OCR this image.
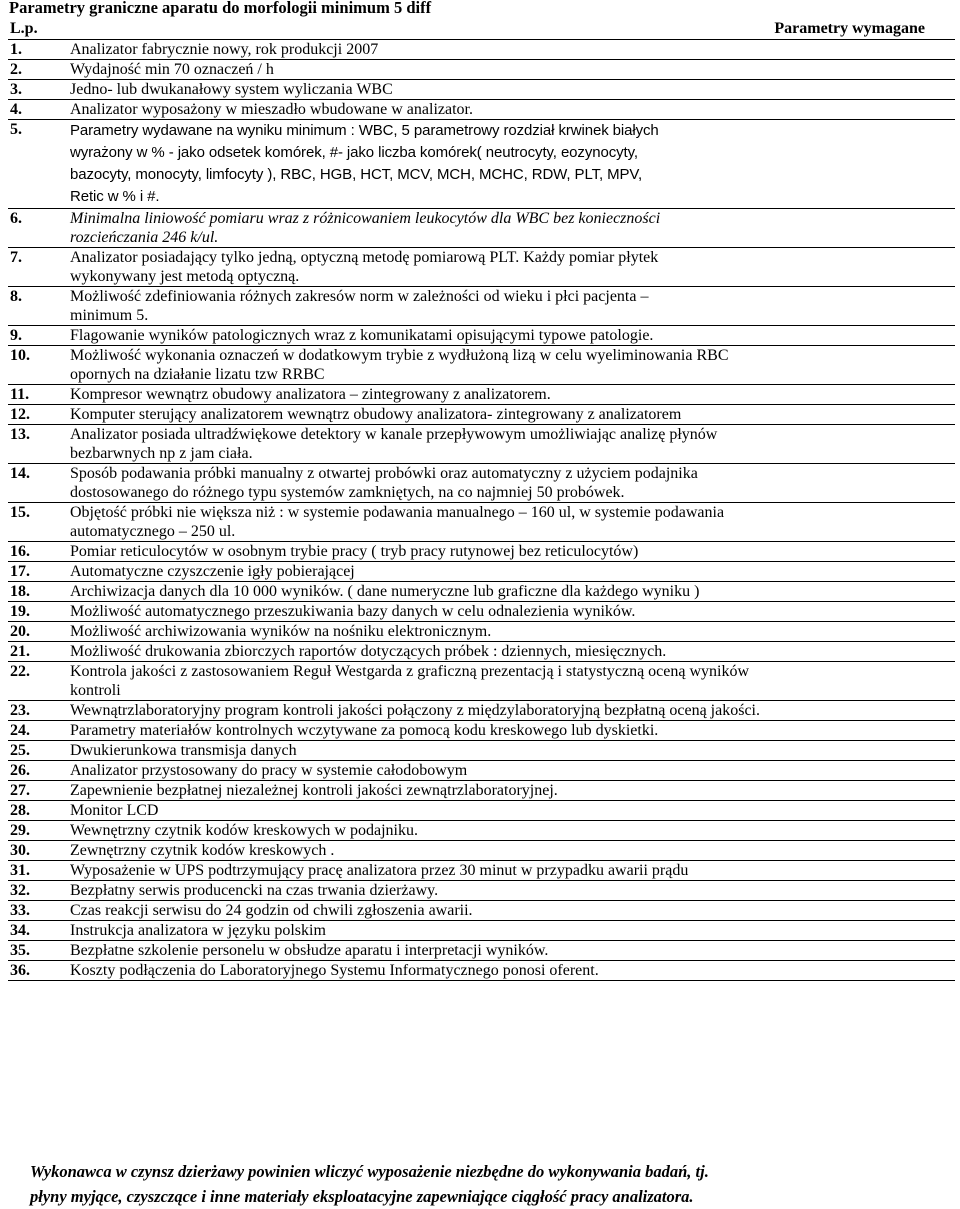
Parametry graniczne aparatu do morfologii minimum 5 diff
L.p.	Parametry wymagane
1.	Analizator fabrycznie nowy, rok produkcji 2007
2.	Wydajność min 70 oznaczeń / h
3.	Jedno- lub dwukanałowy system wyliczania WBC
4.	Analizator wyposażony w mieszadło wbudowane w analizator.
5.	Parametry wydawane na wyniku minimum : WBC, 5 parametrowy rozdział krwinek białych
wyrażony w % - jako odsetek komórek, #- jako liczba komórek( neutrocyty, eozynocyty,
bazocyty, monocyty, limfocyty ), RBC, HGB, HCT, MCV, MCH, MCHC, RDW, PLT, MPV,
Retic w % i #.
6.	Minimalna liniowość pomiaru wraz z różnicowaniem leukocytów dla WBC bez konieczności
rozcieńczania 246 k/ul.
7.	Analizator posiadający tylko jedną, optyczną metodę pomiarową PLT. Każdy pomiar płytek
wykonywany jest metodą optyczną.
8.	Możliwość zdefiniowania różnych zakresów norm w zależności od wieku i płci pacjenta –
minimum 5.
9.	Flagowanie wyników patologicznych wraz z komunikatami opisującymi typowe patologie.
10.	Możliwość wykonania oznaczeń w dodatkowym trybie z wydłużoną lizą w celu wyeliminowania RBC
opornych na działanie lizatu tzw RRBC
11.	Kompresor wewnątrz obudowy analizatora – zintegrowany z analizatorem.
12.	Komputer sterujący analizatorem wewnątrz obudowy analizatora- zintegrowany z analizatorem
13.	Analizator posiada ultradźwiękowe detektory w kanale przepływowym umożliwiając analizę płynów
bezbarwnych np z jam ciała.
14.	Sposób podawania próbki manualny z otwartej probówki oraz automatyczny z użyciem podajnika
dostosowanego do różnego typu systemów zamkniętych, na co najmniej 50 probówek.
15.	Objętość próbki nie większa niż : w systemie podawania manualnego – 160 ul, w systemie podawania
automatycznego – 250 ul.
16.	Pomiar reticulocytów w osobnym trybie pracy ( tryb pracy rutynowej bez reticulocytów)
17.	Automatyczne czyszczenie igły pobierającej
18.	Archiwizacja danych dla 10 000 wyników. ( dane numeryczne lub graficzne dla każdego wyniku )
19.	Możliwość automatycznego przeszukiwania bazy danych w celu odnalezienia wyników.
20.	Możliwość archiwizowania wyników na nośniku elektronicznym.
21.	Możliwość drukowania zbiorczych raportów dotyczących próbek : dziennych, miesięcznych.
22.	Kontrola jakości z zastosowaniem Reguł Westgarda z graficzną prezentacją i statystyczną oceną wyników
kontroli
23.	Wewnątrzlaboratoryjny program kontroli jakości połączony z międzylaboratoryjną bezpłatną oceną jakości.
24.	Parametry materiałów kontrolnych wczytywane za pomocą kodu kreskowego lub dyskietki.
25.	Dwukierunkowa transmisja danych
26.	Analizator przystosowany do pracy w systemie całodobowym
27.	Zapewnienie bezpłatnej niezależnej kontroli jakości zewnątrzlaboratoryjnej.
28.	Monitor LCD
29.	Wewnętrzny czytnik kodów kreskowych w podajniku.
30.	Zewnętrzny czytnik kodów kreskowych .
31.	Wyposażenie w UPS podtrzymujący pracę analizatora przez 30 minut w przypadku awarii prądu
32.	Bezpłatny serwis producencki na czas trwania dzierżawy.
33.	Czas reakcji serwisu do 24 godzin od chwili zgłoszenia awarii.
34.	Instrukcja analizatora w języku polskim
35.	Bezpłatne szkolenie personelu w obsłudze aparatu i interpretacji wyników.
36.	Koszty podłączenia do Laboratoryjnego Systemu Informatycznego ponosi oferent.
Wykonawca w czynsz dzierżawy powinien wliczyć wyposażenie niezbędne do wykonywania badań, tj.
płyny myjące, czyszczące i inne materiały eksploatacyjne zapewniające ciągłość pracy analizatora.
